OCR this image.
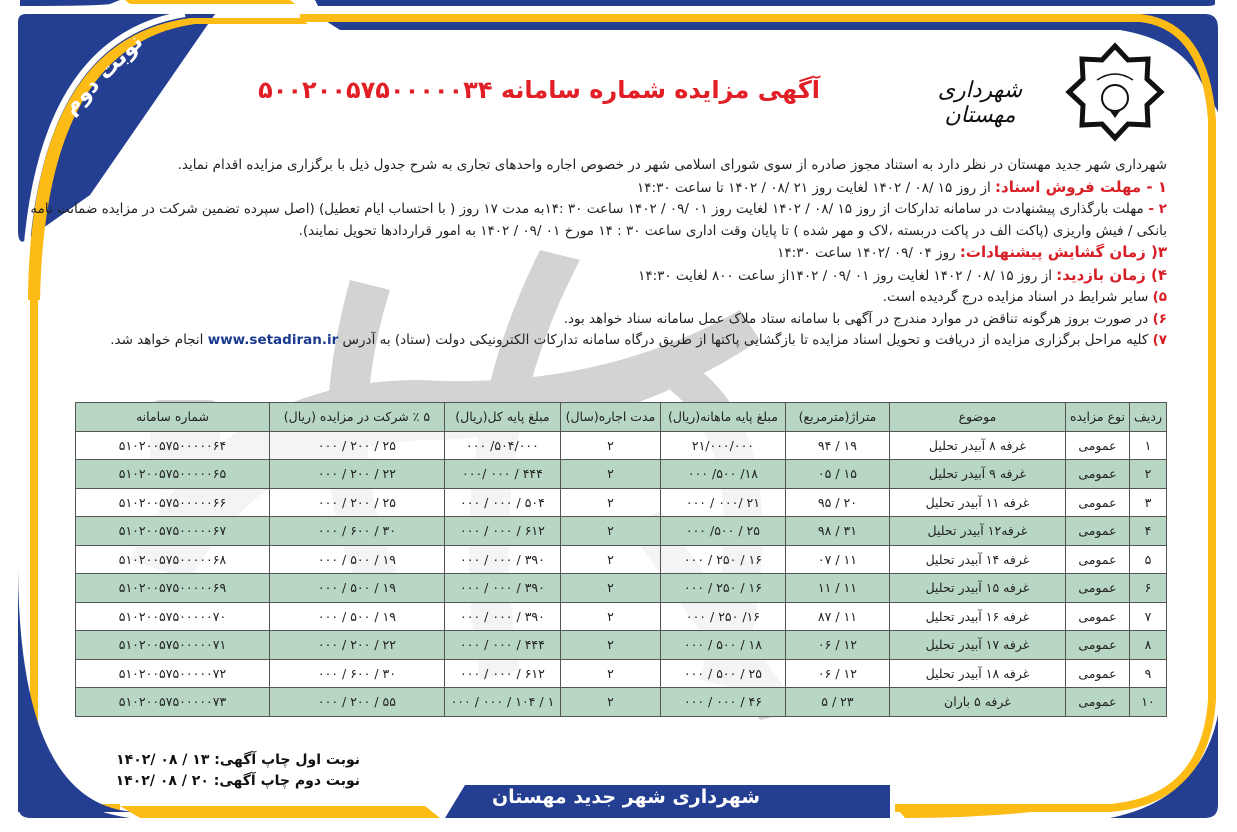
نوبت دوم	شهرداری مهستان
آگهی مزایده شماره سامانه ۵۰۰۲۰۰۵۷۵۰۰۰۰۰۳۴

شهرداری شهر جدید مهستان در نظر دارد به استناد مجوز صادره از سوی شورای اسلامی شهر در خصوص اجاره واحدهای تجاری به شرح جدول ذیل با برگزاری مزایده اقدام نماید.

۱ - مهلت فروش اسناد: از روز ۱۵ /۰۸ / ۱۴۰۲ لغایت روز ۲۱ /۰۸ / ۱۴۰۲ تا ساعت ۱۴:۳۰

۲ - مهلت بارگذاری پیشنهادت در سامانه تدارکات از روز ۱۵ /۰۸ / ۱۴۰۲ لغایت روز ۰۱ /۰۹ / ۱۴۰۲ ساعت ۳۰ :۱۴به مدت ۱۷ روز ( با احتساب ایام تعطیل) (اصل سپرده تضمین شرکت در مزایده ضمانت نامه

بانکی / فیش واریزی (پاکت الف در پاکت دربسته ،لاک و مهر شده ) تا پایان وقت اداری ساعت ۳۰ : ۱۴ مورخ ۰۱ /۰۹ / ۱۴۰۲ به امور قراردادها تحویل نمایند).

۳( زمان گشایش پیشنهادات: روز ۰۴ /۰۹ /۱۴۰۲ ساعت ۱۴:۳۰

۴) زمان بازدید: از روز ۱۵ /۰۸ / ۱۴۰۲ لغایت روز ۰۱ /۰۹ / ۱۴۰۲از ساعت ۸۰۰ لغایت ۱۴:۳۰

۵) سایر شرایط در اسناد مزایده درج گردیده است.

۶) در صورت بروز هرگونه تناقض در موارد مندرج در آگهی با سامانه ستاد ملاک عمل سامانه سناد خواهد بود.

۷) کلیه مراحل برگزاری مزایده از دریافت و تحویل اسناد مزایده تا بازگشایی پاکتها از طریق درگاه سامانه تدارکات الکترونیکی دولت (ستاد) به آدرس www.setadiran.ir انجام خواهد شد.

ردیف	نوع مزایده	موضوع	متراژ(مترمربع)	مبلغ پایه ماهانه(ریال)	مدت اجاره(سال)	مبلغ پایه کل(ریال)	۵ ٪ شرکت در مزایده (ریال)	شماره سامانه
۱	عمومی	غرفه ۸ آبیدر تحلیل	۱۹ / ۹۴	۲۱/۰۰۰/۰۰۰	۲	۵۰۴/۰۰۰/ ۰۰۰	۲۵ / ۲۰۰ / ۰۰۰	۵۱۰۲۰۰۵۷۵۰۰۰۰۰۶۴
۲	عمومی	غرفه ۹ آبیدر تحلیل	۱۵ / ۰۵	۱۸/ ۵۰۰/ ۰۰۰	۲	۴۴۴ / ۰۰۰ /۰۰۰	۲۲ / ۲۰۰ / ۰۰۰	۵۱۰۲۰۰۵۷۵۰۰۰۰۰۶۵
۳	عمومی	غرفه ۱۱ آبیدر تحلیل	۲۰ / ۹۵	۲۱ /۰۰۰ / ۰۰۰	۲	۵۰۴ / ۰۰۰ / ۰۰۰	۲۵ / ۲۰۰ / ۰۰۰	۵۱۰۲۰۰۵۷۵۰۰۰۰۰۶۶
۴	عمومی	غرفه۱۲ آبیدر تحلیل	۳۱ / ۹۸	۲۵ / ۵۰۰/ ۰۰۰	۲	۶۱۲ / ۰۰۰ / ۰۰۰	۳۰ / ۶۰۰ / ۰۰۰	۵۱۰۲۰۰۵۷۵۰۰۰۰۰۶۷
۵	عمومی	غرفه ۱۴ آبیدر تحلیل	۱۱ / ۰۷	۱۶ / ۲۵۰ / ۰۰۰	۲	۳۹۰ / ۰۰۰ / ۰۰۰	۱۹ / ۵۰۰ / ۰۰۰	۵۱۰۲۰۰۵۷۵۰۰۰۰۰۶۸
۶	عمومی	غرفه ۱۵ آبیدر تحلیل	۱۱ / ۱۱	۱۶ / ۲۵۰ / ۰۰۰	۲	۳۹۰ / ۰۰۰ / ۰۰۰	۱۹ / ۵۰۰ / ۰۰۰	۵۱۰۲۰۰۵۷۵۰۰۰۰۰۶۹
۷	عمومی	غرفه ۱۶ آبیدر تحلیل	۱۱ / ۸۷	۱۶/ ۲۵۰ / ۰۰۰	۲	۳۹۰ / ۰۰۰ / ۰۰۰	۱۹ / ۵۰۰ / ۰۰۰	۵۱۰۲۰۰۵۷۵۰۰۰۰۰۷۰
۸	عمومی	غرفه ۱۷ آبیدر تحلیل	۱۲ / ۰۶	۱۸ / ۵۰۰ / ۰۰۰	۲	۴۴۴ / ۰۰۰ / ۰۰۰	۲۲ / ۲۰۰ / ۰۰۰	۵۱۰۲۰۰۵۷۵۰۰۰۰۰۷۱
۹	عمومی	غرفه ۱۸ آبیدر تحلیل	۱۲ / ۰۶	۲۵ / ۵۰۰ / ۰۰۰	۲	۶۱۲ / ۰۰۰ / ۰۰۰	۳۰ / ۶۰۰ / ۰۰۰	۵۱۰۲۰۰۵۷۵۰۰۰۰۰۷۲
۱۰	عمومی	غرفه ۵ باران	۲۳ / ۵	۴۶ / ۰۰۰ / ۰۰۰	۲	۱ / ۱۰۴ / ۰۰۰ / ۰۰۰	۵۵ / ۲۰۰ / ۰۰۰	۵۱۰۲۰۰۵۷۵۰۰۰۰۰۷۳
نوبت اول چاپ آگهی: ۱۳ / ۰۸ /۱۴۰۲
نوبت دوم چاپ آگهی: ۲۰ / ۰۸ /۱۴۰۲
شهرداری شهر جدید مهستان
